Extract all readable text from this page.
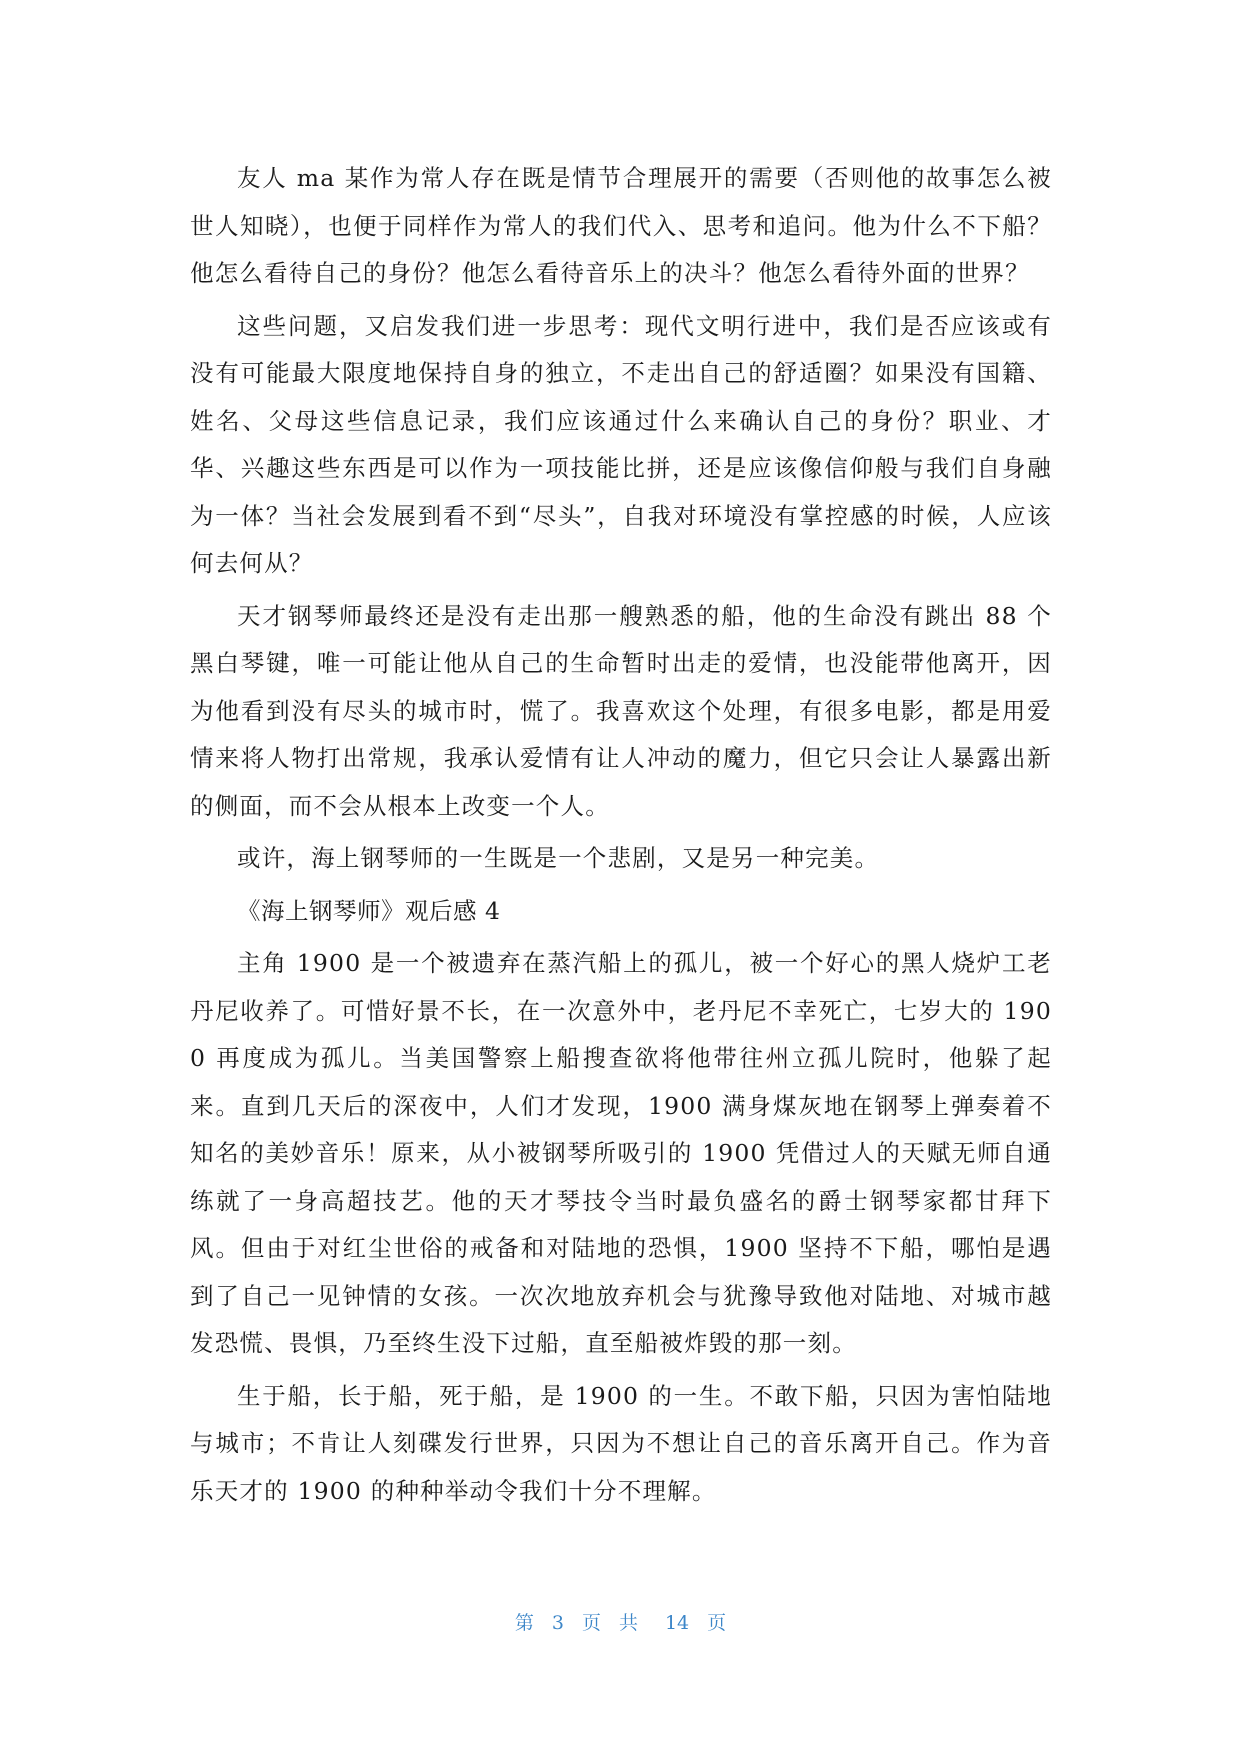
友人 ma 某作为常人存在既是情节合理展开的需要（否则他的故事怎么被世人知晓），也便于同样作为常人的我们代入、思考和追问。他为什么不下船？他怎么看待自己的身份？他怎么看待音乐上的决斗？他怎么看待外面的世界？

这些问题，又启发我们进一步思考：现代文明行进中，我们是否应该或有没有可能最大限度地保持自身的独立，不走出自己的舒适圈？如果没有国籍、姓名、父母这些信息记录，我们应该通过什么来确认自己的身份？职业、才华、兴趣这些东西是可以作为一项技能比拼，还是应该像信仰般与我们自身融为一体？当社会发展到看不到“尽头”，自我对环境没有掌控感的时候，人应该何去何从？

天才钢琴师最终还是没有走出那一艘熟悉的船，他的生命没有跳出 88 个黑白琴键，唯一可能让他从自己的生命暂时出走的爱情，也没能带他离开，因为他看到没有尽头的城市时，慌了。我喜欢这个处理，有很多电影，都是用爱情来将人物打出常规，我承认爱情有让人冲动的魔力，但它只会让人暴露出新的侧面，而不会从根本上改变一个人。

或许，海上钢琴师的一生既是一个悲剧，又是另一种完美。

《海上钢琴师》观后感 4

主角 1900 是一个被遗弃在蒸汽船上的孤儿，被一个好心的黑人烧炉工老丹尼收养了。可惜好景不长，在一次意外中，老丹尼不幸死亡，七岁大的 1900 再度成为孤儿。当美国警察上船搜查欲将他带往州立孤儿院时，他躲了起来。直到几天后的深夜中，人们才发现，1900 满身煤灰地在钢琴上弹奏着不知名的美妙音乐！原来，从小被钢琴所吸引的 1900 凭借过人的天赋无师自通练就了一身高超技艺。他的天才琴技令当时最负盛名的爵士钢琴家都甘拜下风。但由于对红尘世俗的戒备和对陆地的恐惧，1900 坚持不下船，哪怕是遇到了自己一见钟情的女孩。一次次地放弃机会与犹豫导致他对陆地、对城市越发恐慌、畏惧，乃至终生没下过船，直至船被炸毁的那一刻。

生于船，长于船，死于船，是 1900 的一生。不敢下船，只因为害怕陆地与城市；不肯让人刻碟发行世界，只因为不想让自己的音乐离开自己。作为音乐天才的 1900 的种种举动令我们十分不理解。

第 3 页共 14 页
